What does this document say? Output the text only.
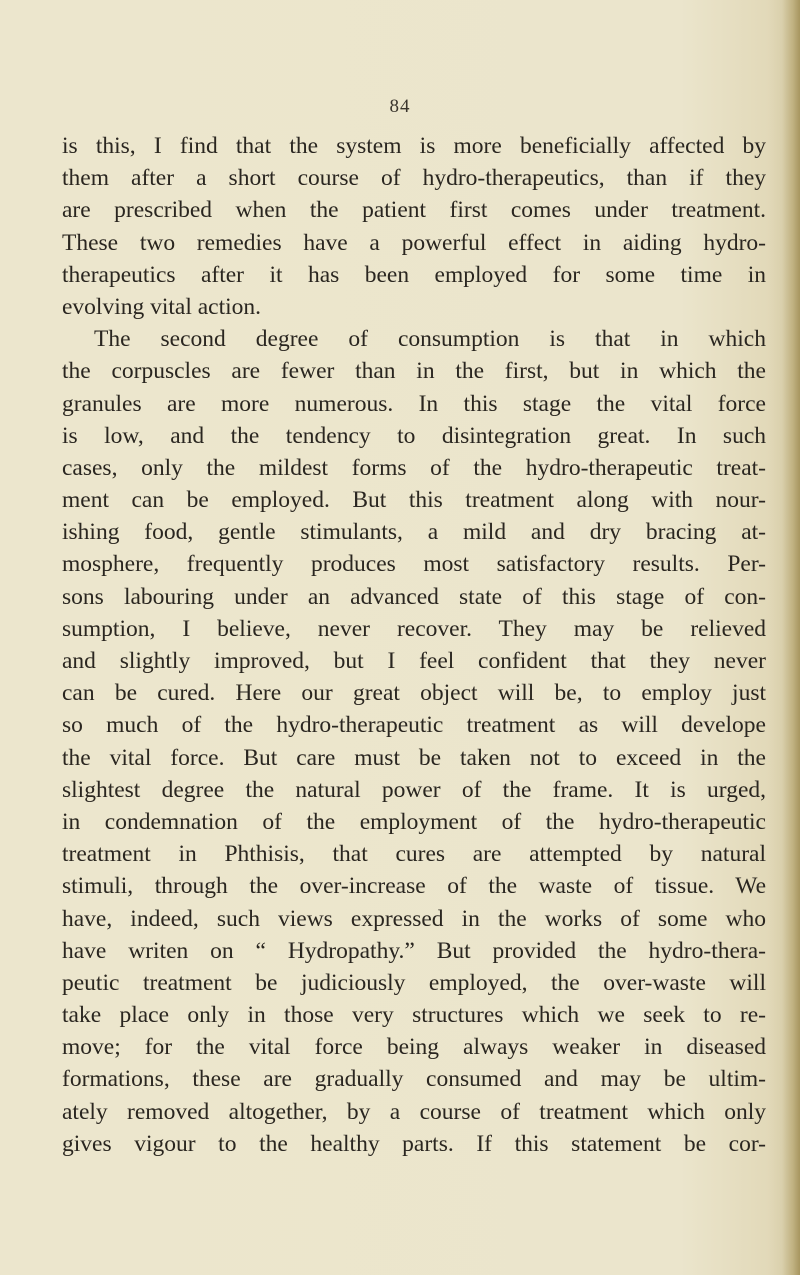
84
is this, I find that the system is more beneficially affected by
them after a short course of hydro-therapeutics, than if they
are prescribed when the patient first comes under treatment.
These two remedies have a powerful effect in aiding hydro-
therapeutics after it has been employed for some time in
evolving vital action.
The second degree of consumption is that in which
the corpuscles are fewer than in the first, but in which the
granules are more numerous. In this stage the vital force
is low, and the tendency to disintegration great. In such
cases, only the mildest forms of the hydro-therapeutic treat-
ment can be employed. But this treatment along with nour-
ishing food, gentle stimulants, a mild and dry bracing at-
mosphere, frequently produces most satisfactory results. Per-
sons labouring under an advanced state of this stage of con-
sumption, I believe, never recover. They may be relieved
and slightly improved, but I feel confident that they never
can be cured. Here our great object will be, to employ just
so much of the hydro-therapeutic treatment as will develope
the vital force. But care must be taken not to exceed in the
slightest degree the natural power of the frame. It is urged,
in condemnation of the employment of the hydro-therapeutic
treatment in Phthisis, that cures are attempted by natural
stimuli, through the over-increase of the waste of tissue. We
have, indeed, such views expressed in the works of some who
have writen on “ Hydropathy.” But provided the hydro-thera-
peutic treatment be judiciously employed, the over-waste will
take place only in those very structures which we seek to re-
move; for the vital force being always weaker in diseased
formations, these are gradually consumed and may be ultim-
ately removed altogether, by a course of treatment which only
gives vigour to the healthy parts. If this statement be cor-
